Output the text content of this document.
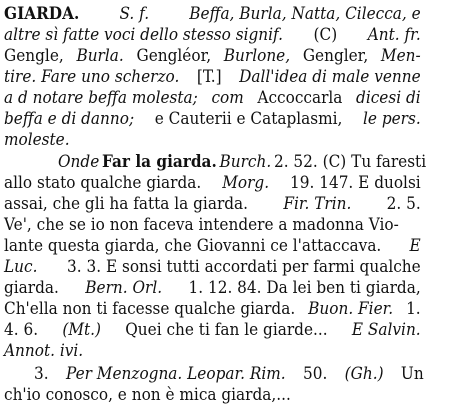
GIARDA. S. f. Beffa, Burla, Natta, Cilecca, e
altre sì fatte voci dello stesso signif. (C) Ant. fr.
Gengle, Burla. Gengléor, Burlone, Gengler, Men-
tire. Fare uno scherzo. [T.] Dall'idea di male venne
a d notare beffa molesta; com Accoccarla dicesi di
beffa e di danno; e Cauterii e Cataplasmi, le pers.
moleste.
Onde Far la giarda. Burch. 2. 52. (C) Tu faresti
allo stato qualche giarda. Morg. 19. 147. E duolsi
assai, che gli ha fatta la giarda. Fir. Trin. 2. 5.
Ve', che se io non faceva intendere a madonna Vio-
lante questa giarda, che Giovanni ce l'attaccava. E
Luc. 3. 3. E sonsi tutti accordati per farmi qualche
giarda. Bern. Orl. 1. 12. 84. Da lei ben ti giarda,
Ch'ella non ti facesse qualche giarda. Buon. Fier. 1.
4. 6. (Mt.) Quei che ti fan le giarde... E Salvin.
Annot. ivi.
3. Per Menzogna. Leopar. Rim. 50. (Gh.) Un
ch'io conosco, e non è mica giarda,...
